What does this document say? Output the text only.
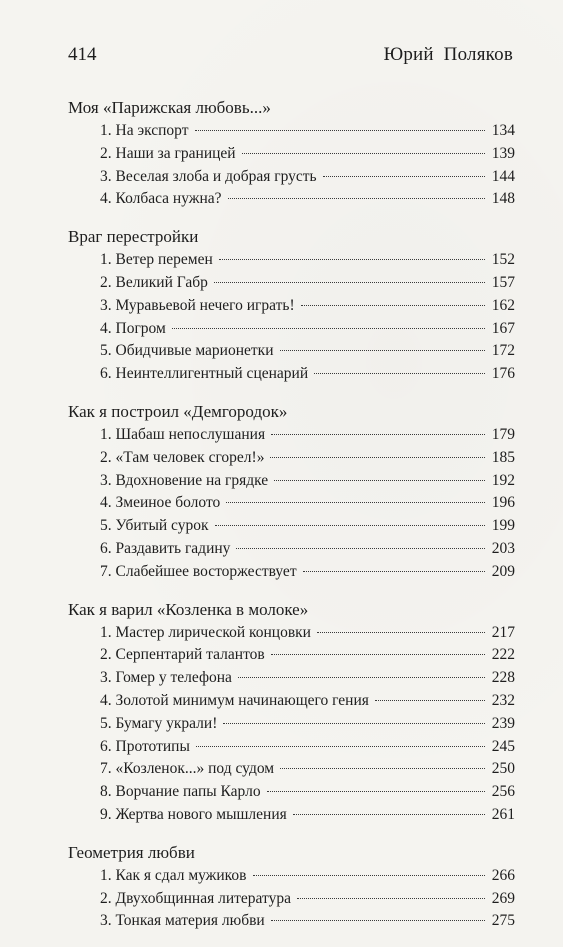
414	Юрий  Поляков
Моя «Парижская любовь...»
1. На экспорт	134
2. Наши за границей	139
3. Веселая злоба и добрая грусть	144
4. Колбаса нужна?	148
Враг перестройки
1. Ветер перемен	152
2. Великий Габр	157
3. Муравьевой нечего играть!	162
4. Погром	167
5. Обидчивые марионетки	172
6. Неинтеллигентный сценарий	176
Как я построил «Демгородок»
1. Шабаш непослушания	179
2. «Там человек сгорел!»	185
3. Вдохновение на грядке	192
4. Змеиное болото	196
5. Убитый сурок	199
6. Раздавить гадину	203
7. Слабейшее восторжествует	209
Как я варил «Козленка в молоке»
1. Мастер лирической концовки	217
2. Серпентарий талантов	222
3. Гомер у телефона	228
4. Золотой минимум начинающего гения	232
5. Бумагу украли!	239
6. Прототипы	245
7. «Козленок...» под судом	250
8. Ворчание папы Карло	256
9. Жертва нового мышления	261
Геометрия любви
1. Как я сдал мужиков	266
2. Двухобщинная литература	269
3. Тонкая материя любви	275
